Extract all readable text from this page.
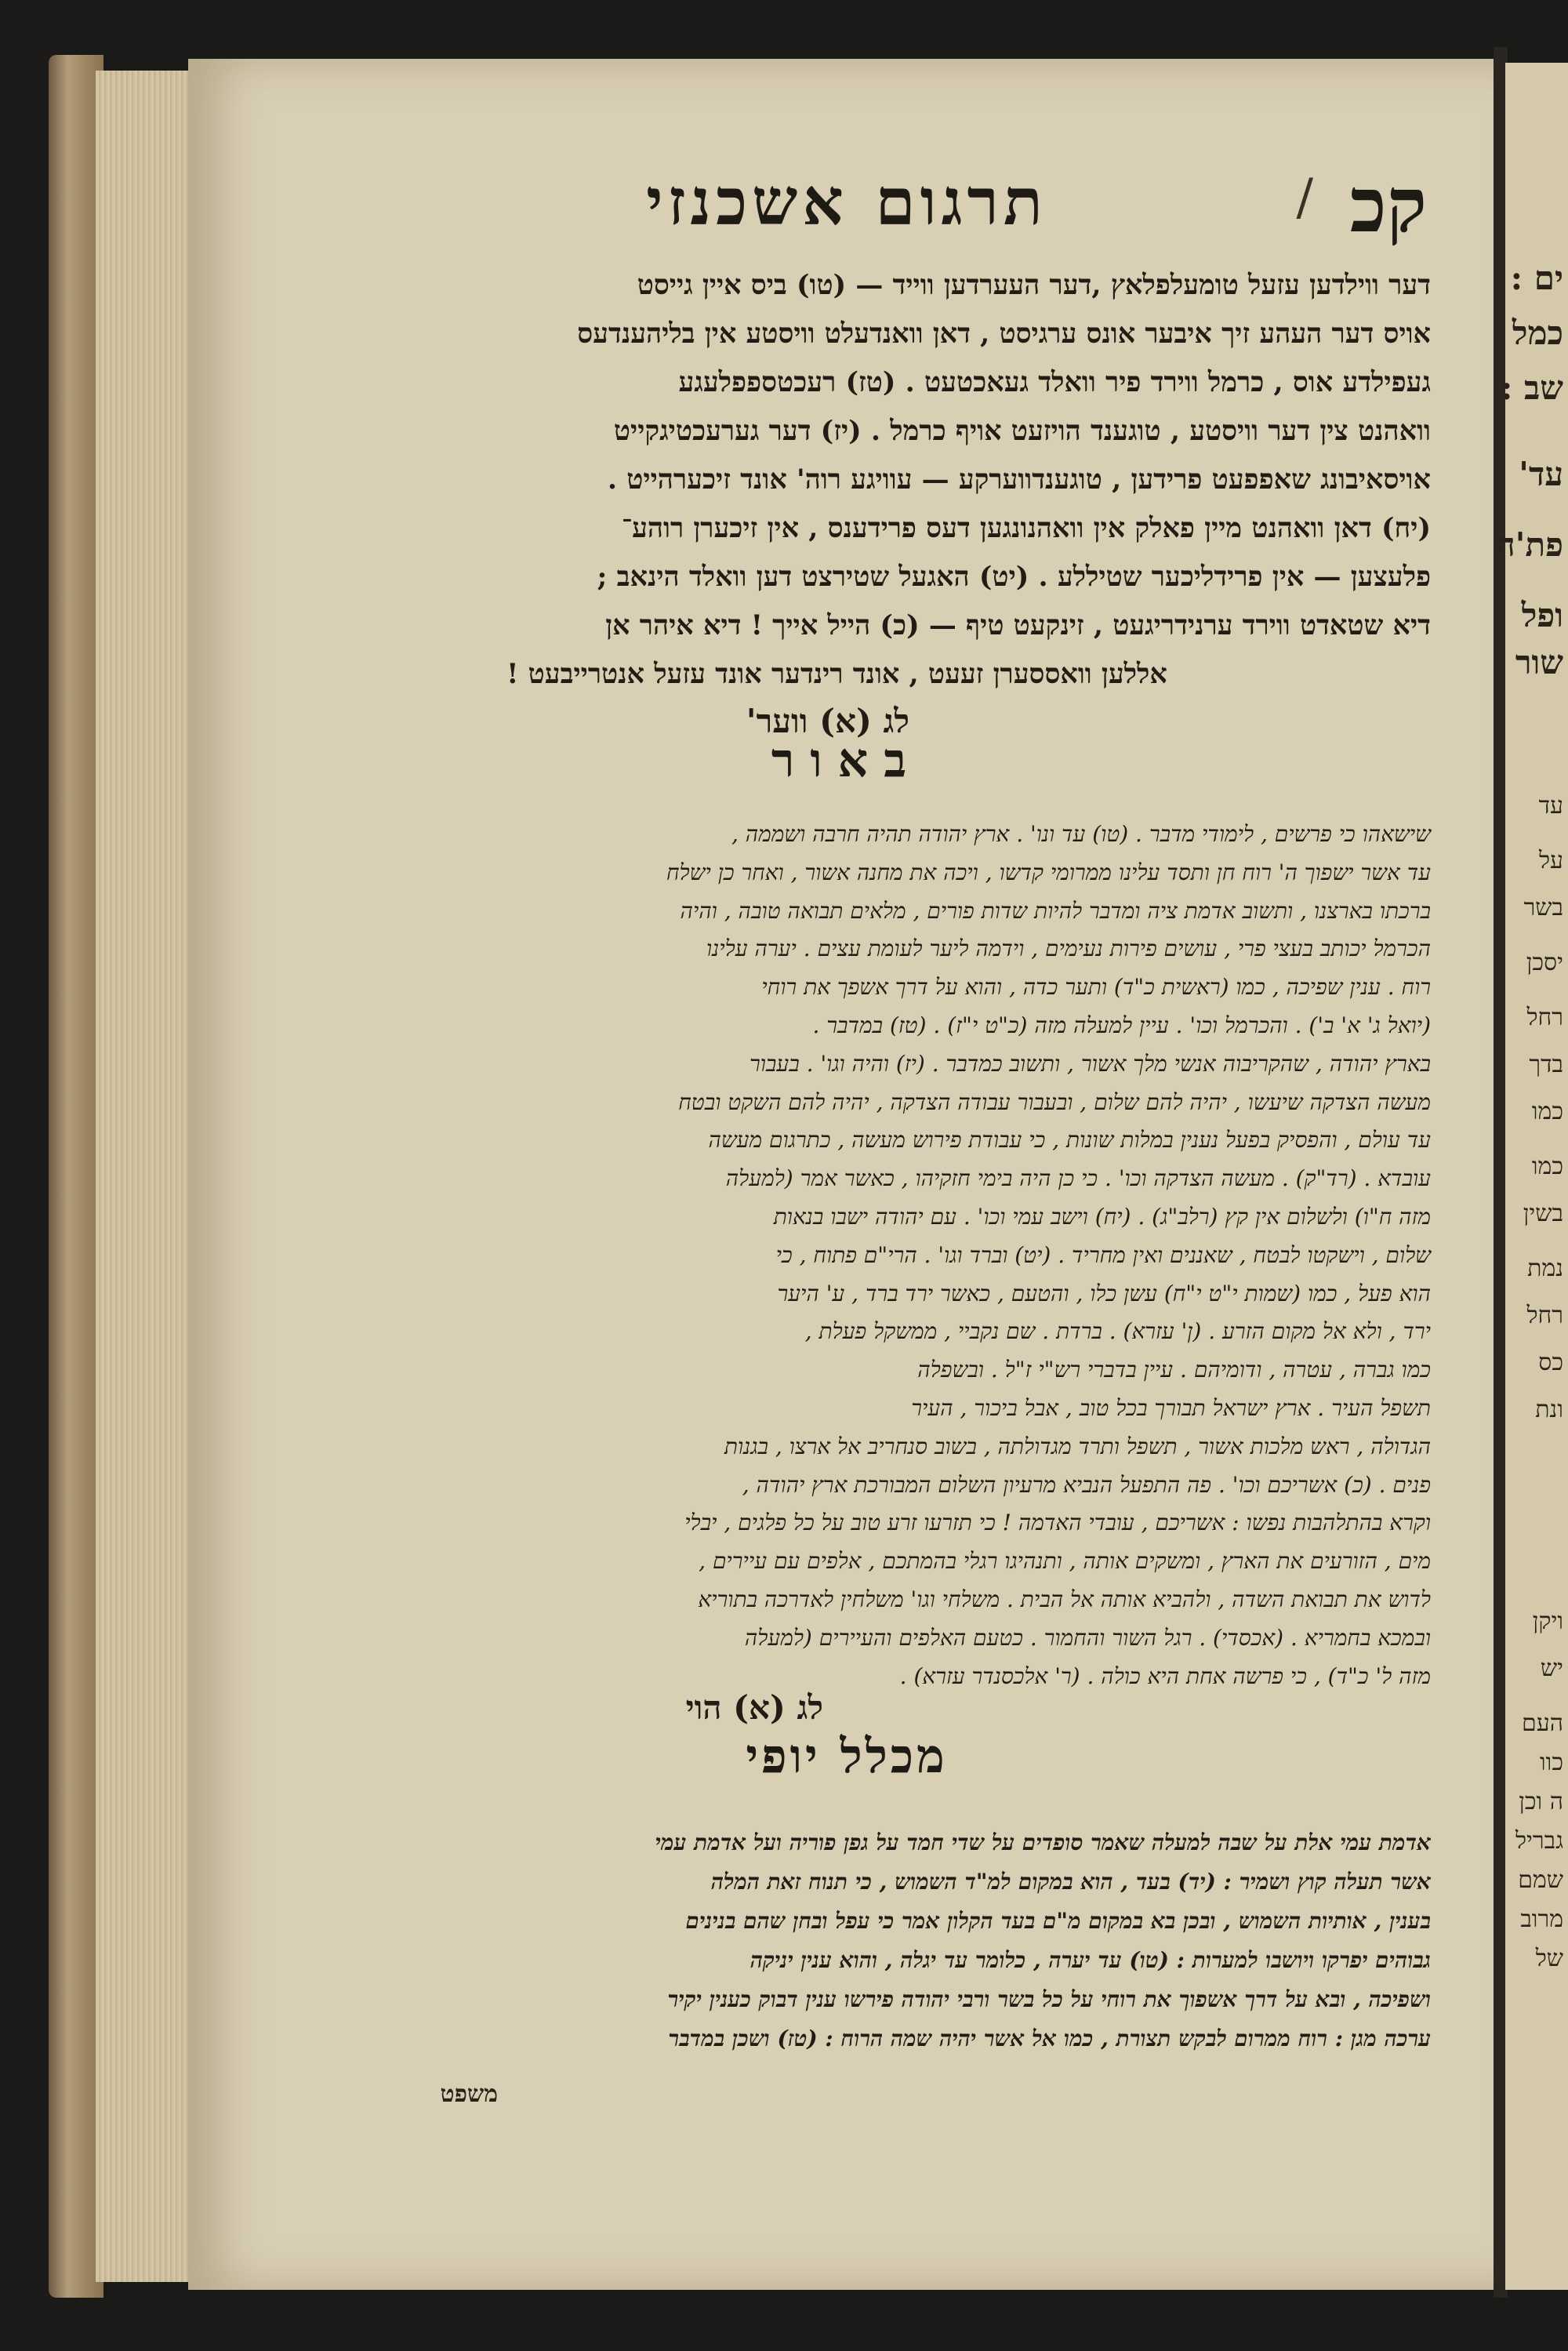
קכ
/
תרגום אשכנזי
דער ווילדען עזעל טומעלפלאץ ,דער העערדען ווייד — (טו) ביס איין גייסט
אויס דער העהע זיך איבער אונס ערגיסט , דאן וואנדעלט וויסטע אין בליהענדעס
געפילדע אוס , כרמל ווירד פיר וואלד געאכטעט . (טז) רעכטספפלעגע
וואהנט צין דער וויסטע , טוגענד הויזעט אויף כרמל . (יז) דער גערעכטיגקייט
אויסאיבונג שאפפעט פרידען , טוגענדווערקע — עוויגע רוה' אונד זיכערהייט .
(יח) דאן וואהנט מיין פאלק אין וואהנונגען דעס פרידענס , אין זיכערן רוהע־
פלעצען — אין פרידליכער שטיללע . (יט) האגעל שטירצט דען וואלד הינאב ;
דיא שטאדט ווירד ערנידריגעט , זינקעט טיף — (כ) הייל אייך ! דיא איהר אן
אללען וואססערן זעעט , אונד רינדער אונד עזעל אנטרייבעט !
לג (א) ווער'
באור
שישאהו כי פרשים , לימודי מדבר . (טו) עד ונו' . ארץ יהודה תהיה חרבה ושממה ,
עד אשר ישפוך ה' רוח חן ותסד עלינו ממרומי קדשו , ויכה את מחנה אשור , ואחר כן ישלח
ברכתו בארצנו , ותשוב אדמת ציה ומדבר להיות שדות פורים , מלאים תבואה טובה , והיה
הכרמל יכותב בעצי פרי , עושים פירות נעימים , וידמה ליער לעומת עצים . יערה עלינו
רוח . ענין שפיכה , כמו (ראשית כ"ד) ותער כדה , והוא על דרך אשפך את רוחי
(יואל ג' א' ב') . והכרמל וכו' . עיין למעלה מזה (כ"ט י"ז) . (טז) במדבר .
בארץ יהודה , שהקריבוה אנשי מלך אשור , ותשוב כמדבר . (יז) והיה וגו' . בעבור
מעשה הצדקה שיעשו , יהיה להם שלום , ובעבור עבודה הצדקה , יהיה להם השקט ובטח
עד עולם , והפסיק בפעל נענין במלות שונות , כי עבודת פירוש מעשה , כתרגום מעשה
עובדא . (רד"ק) . מעשה הצדקה וכו' . כי כן היה בימי חזקיהו , כאשר אמר (למעלה
מזה ח"ו) ולשלום אין קץ (רלב"ג) . (יח) וישב עמי וכו' . עם יהודה ישבו בנאות
שלום , וישקטו לבטח , שאננים ואין מחריד . (יט) וברד וגו' . הרי"ם פתוח , כי
הוא פעל , כמו (שמות י"ט י"ח) עשן כלו , והטעם , כאשר ירד ברד , ע' היער
ירד , ולא אל מקום הזרע . (ן' עזרא) . ברדת . שם נקביי , ממשקל פעלת ,
כמו גברה , עטרה , ודומיהם . עיין בדברי רש"י ז"ל . ובשפלה
תשפל העיר . ארץ ישראל תבורך בכל טוב , אבל ביכור , העיר
הגדולה , ראש מלכות אשור , תשפל ותרד מגדולתה , בשוב סנחריב אל ארצו , בגנות
פנים . (כ) אשריכם וכו' . פה התפעל הנביא מרעיון השלום המבורכת ארץ יהודה ,
וקרא בהתלהבות נפשו : אשריכם , עובדי האדמה ! כי תזרעו זרע טוב על כל פלגים , יבלי
מים , הזורעים את הארץ , ומשקים אותה , ותנהיגו רגלי בהמתכם , אלפים עם עיירים ,
לדוש את תבואת השדה , ולהביא אותה אל הבית . משלחי וגו' משלחין לאדרכה בתוריא
ובמכא בחמריא . (אכסדי) . רגל השור והחמור . כטעם האלפים והעיירים (למעלה
מזה ל' כ"ד) , כי פרשה אחת היא כולה . (ר' אלכסנדר עזרא) .
לג (א) הוי
מכלל יופי
אדמת עמי אלת על שבה למעלה שאמר סופדים על שדי חמד על גפן פוריה ועל אדמת עמי
אשר תעלה קוץ ושמיר : (יד) בעד , הוא במקום למ"ד השמוש , כי תנוח זאת המלה
בענין , אותיות השמוש , ובכן בא במקום מ"ם בעד הקלון אמר כי עפל ובחן שהם בנינים
גבוהים יפרקו ויושבו למערות : (טו) עד יערה , כלומר עד יגלה , והוא ענין יניקה
ושפיכה , ובא על דרך אשפוך את רוחי על כל בשר ורבי יהודה פירשו ענין דבוק כענין יקיר
ערכה מגן : רוח ממרום לבקש תצורת , כמו אל אשר יהיה שמה הרוח : (טז) ושכן במדבר
משפט
ים :
כמל
שב :
עד'
פת'ח
ופל
שור
עד
על
בשר
יסכן
רחל
בדך
כמו
כמו
בשין
נמת
רחל
כס
ונת
ויקן
יש
העם
כוו
ה וכן
גבריל
שמם
מרוב
של
